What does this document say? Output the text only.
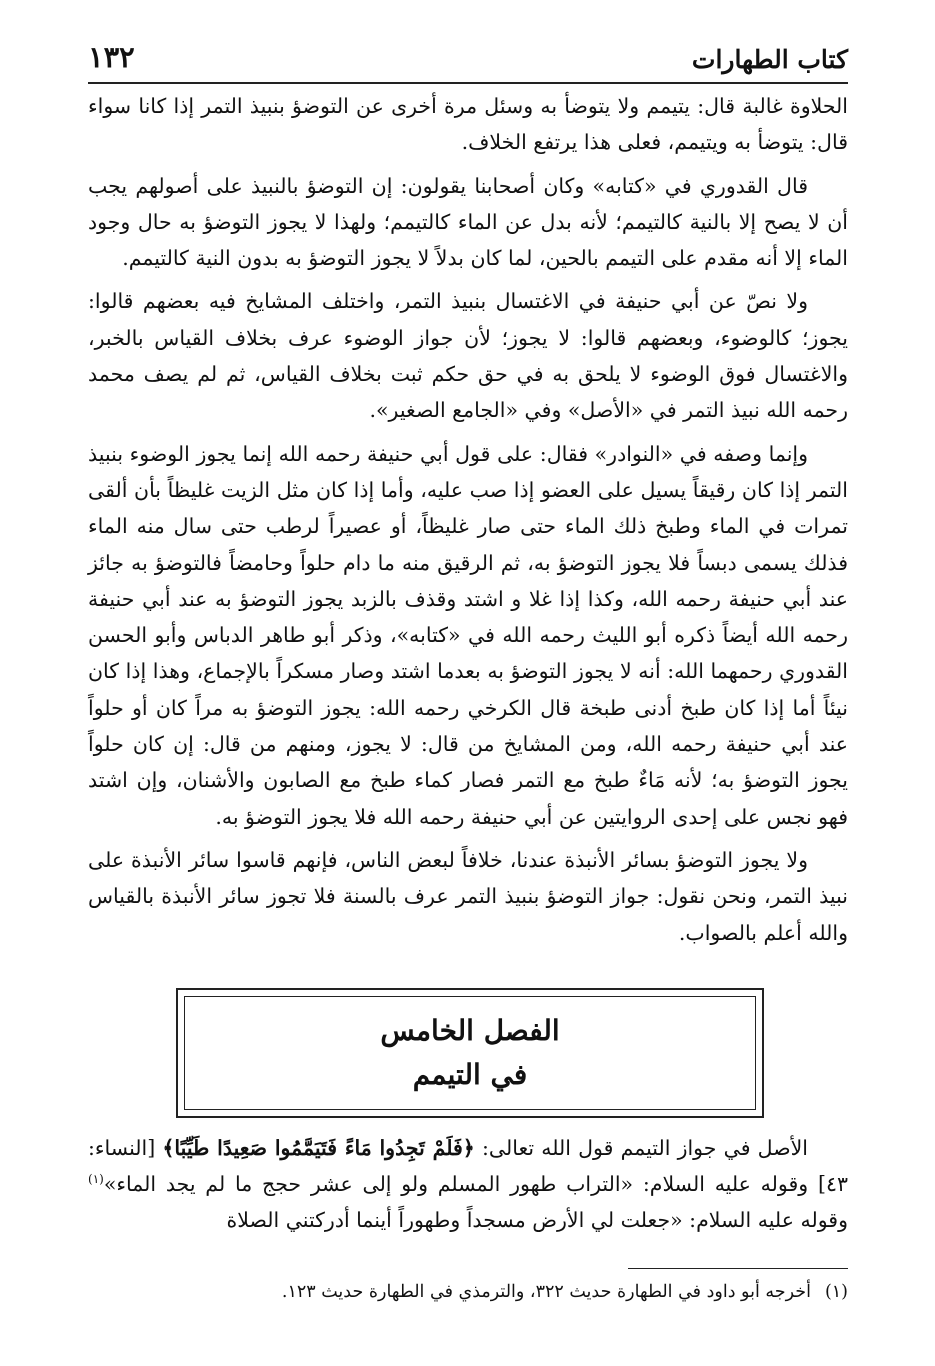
كتاب الطهارات
١٣٢

الحلاوة غالبة قال: يتيمم ولا يتوضأ به وسئل مرة أخرى عن التوضؤ بنبيذ التمر إذا كانا سواء قال: يتوضأ به ويتيمم، فعلى هذا يرتفع الخلاف.

قال القدوري في «كتابه» وكان أصحابنا يقولون: إن التوضؤ بالنبيذ على أصولهم يجب أن لا يصح إلا بالنية كالتيمم؛ لأنه بدل عن الماء كالتيمم؛ ولهذا لا يجوز التوضؤ به حال وجود الماء إلا أنه مقدم على التيمم بالحين، لما كان بدلاً لا يجوز التوضؤ به بدون النية كالتيمم.

ولا نصّ عن أبي حنيفة في الاغتسال بنبيذ التمر، واختلف المشايخ فيه بعضهم قالوا: يجوز؛ كالوضوء، وبعضهم قالوا: لا يجوز؛ لأن جواز الوضوء عرف بخلاف القياس بالخبر، والاغتسال فوق الوضوء لا يلحق به في حق حكم ثبت بخلاف القياس، ثم لم يصف محمد رحمه الله نبيذ التمر في «الأصل» وفي «الجامع الصغير».

وإنما وصفه في «النوادر» فقال: على قول أبي حنيفة رحمه الله إنما يجوز الوضوء بنبيذ التمر إذا كان رقيقاً يسيل على العضو إذا صب عليه، وأما إذا كان مثل الزيت غليظاً بأن ألقى تمرات في الماء وطبخ ذلك الماء حتى صار غليظاً، أو عصيراً لرطب حتى سال منه الماء فذلك يسمى دبساً فلا يجوز التوضؤ به، ثم الرقيق منه ما دام حلواً وحامضاً فالتوضؤ به جائز عند أبي حنيفة رحمه الله، وكذا إذا غلا و اشتد وقذف بالزبد يجوز التوضؤ به عند أبي حنيفة رحمه الله أيضاً ذكره أبو الليث رحمه الله في «كتابه»، وذكر أبو طاهر الدباس وأبو الحسن القدوري رحمهما الله: أنه لا يجوز التوضؤ به بعدما اشتد وصار مسكراً بالإجماع، وهذا إذا كان نيئاً أما إذا كان طبخ أدنى طبخة قال الكرخي رحمه الله: يجوز التوضؤ به مراً كان أو حلواً عند أبي حنيفة رحمه الله، ومن المشايخ من قال: لا يجوز، ومنهم من قال: إن كان حلواً يجوز التوضؤ به؛ لأنه مَاءٌ طبخ مع التمر فصار كماء طبخ مع الصابون والأشنان، وإن اشتد فهو نجس على إحدى الروايتين عن أبي حنيفة رحمه الله فلا يجوز التوضؤ به.

ولا يجوز التوضؤ بسائر الأنبذة عندنا، خلافاً لبعض الناس، فإنهم قاسوا سائر الأنبذة على نبيذ التمر، ونحن نقول: جواز التوضؤ بنبيذ التمر عرف بالسنة فلا تجوز سائر الأنبذة بالقياس والله أعلم بالصواب.

الفصل الخامس
في التيمم

الأصل في جواز التيمم قول الله تعالى: ﴿فَلَمْ تَجِدُوا مَاءً فَتَيَمَّمُوا صَعِيدًا طَيِّبًا﴾ [النساء: ٤٣] وقوله عليه السلام: «التراب طهور المسلم ولو إلى عشر حجج ما لم يجد الماء»$^{(١)}$ وقوله عليه السلام: «جعلت لي الأرض مسجداً وطهوراً أينما أدركتني الصلاة

(١)
أخرجه أبو داود في الطهارة حديث ٣٢٢، والترمذي في الطهارة حديث ١٢٣.
